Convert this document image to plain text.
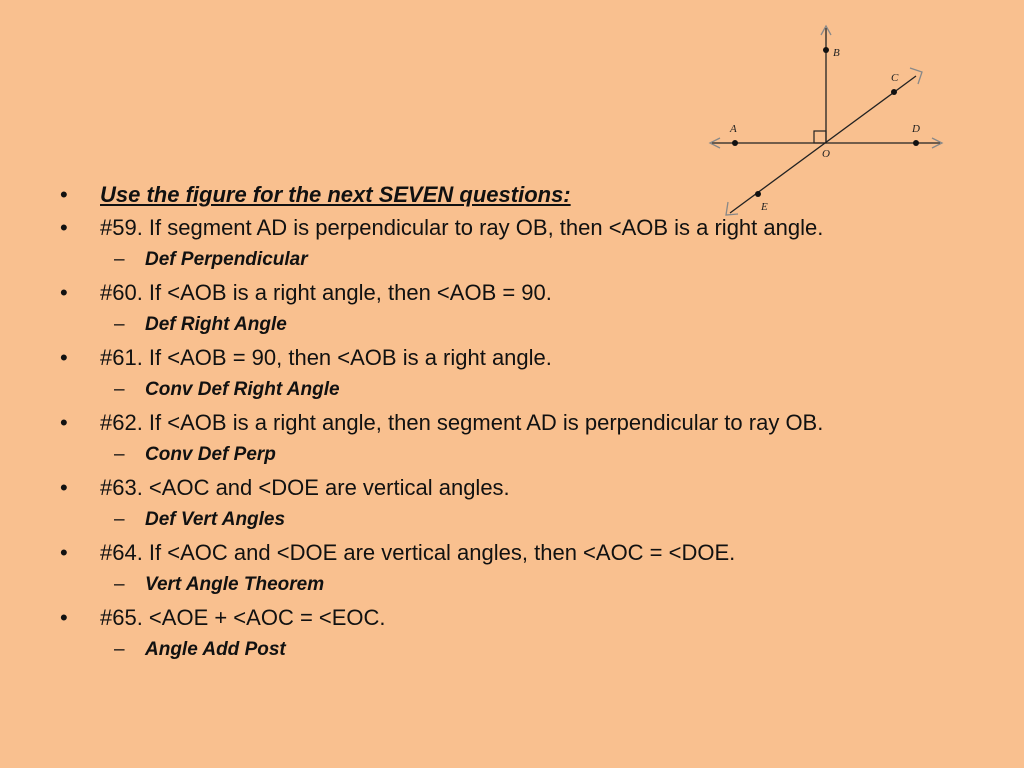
A	D
B
C
E
O
• Use the figure for the next SEVEN questions:
• #59. If segment AD is perpendicular to ray OB, then <AOB is a right angle.
– Def Perpendicular
• #60. If <AOB is a right angle, then <AOB = 90.
– Def Right Angle
• #61. If <AOB = 90, then <AOB is a right angle.
– Conv Def Right Angle
• #62. If <AOB is a right angle, then segment AD is perpendicular to ray OB.
– Conv Def Perp
• #63. <AOC and <DOE are vertical angles.
– Def Vert Angles
• #64. If <AOC and <DOE are vertical angles, then <AOC = <DOE.
– Vert Angle Theorem
• #65. <AOE + <AOC = <EOC.
– Angle Add Post
